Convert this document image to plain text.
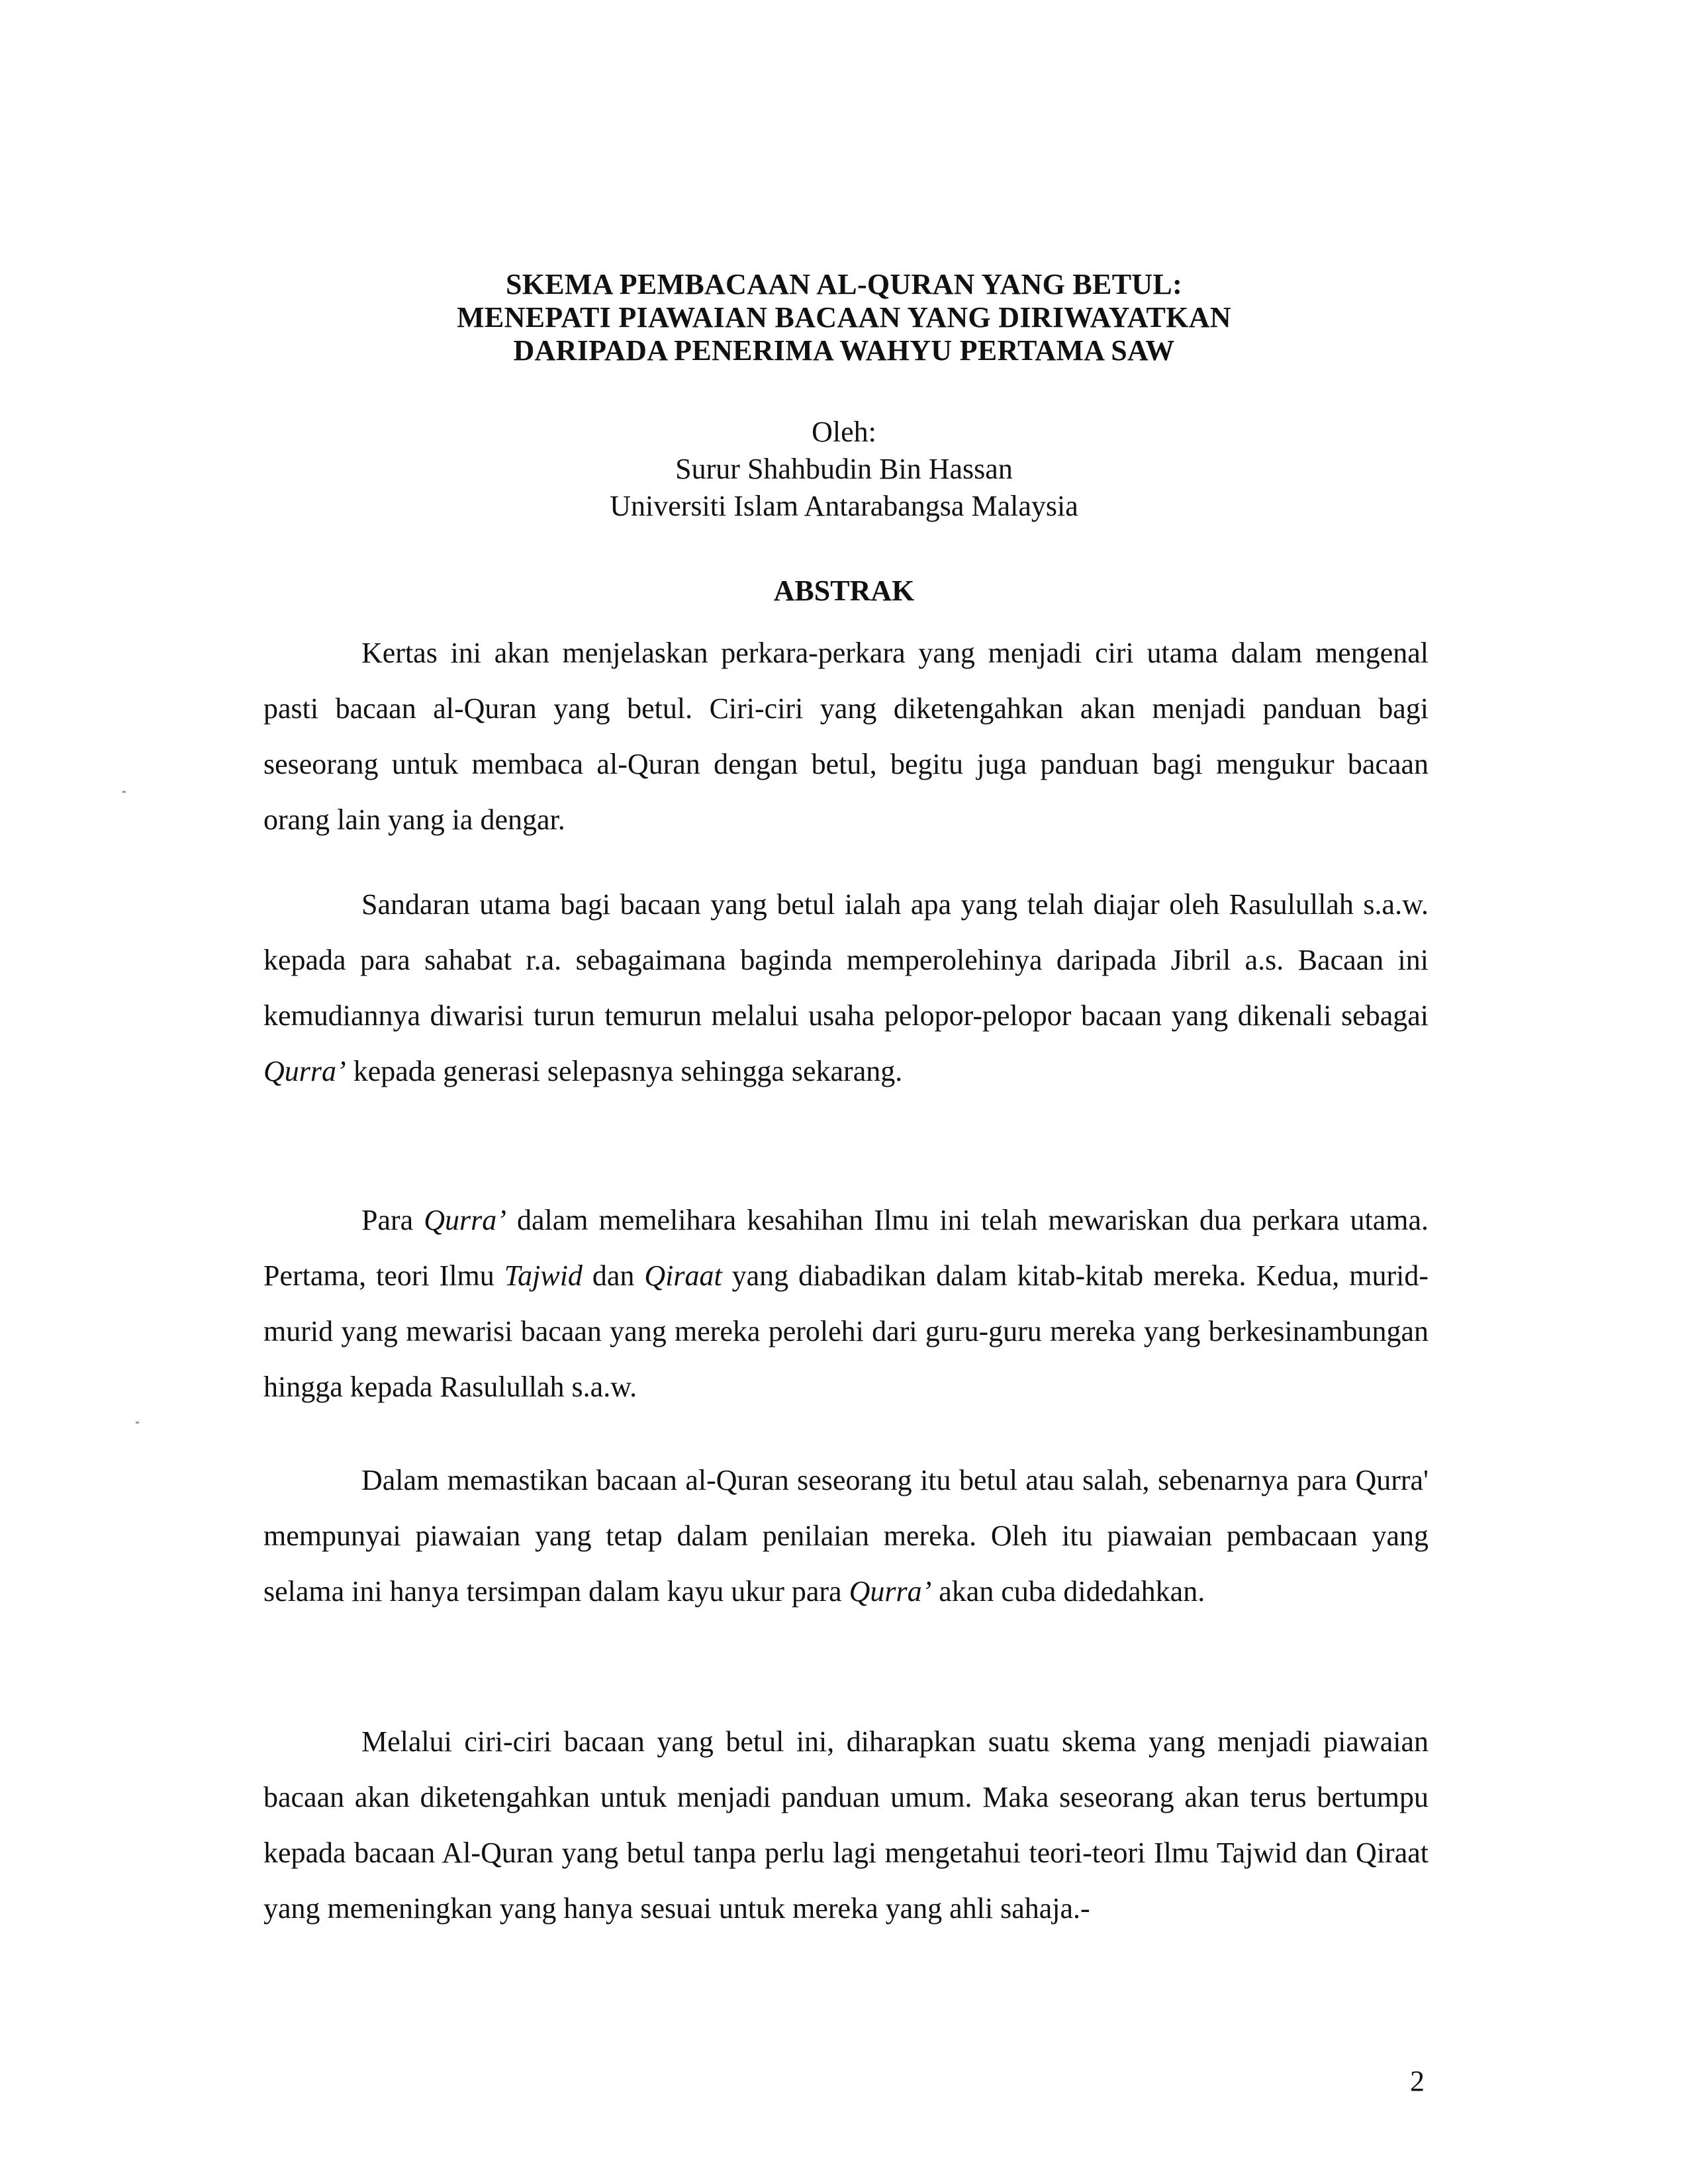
SKEMA PEMBACAAN AL-QURAN YANG BETUL:
MENEPATI PIAWAIAN BACAAN YANG DIRIWAYATKAN
DARIPADA PENERIMA WAHYU PERTAMA SAW
Oleh:
Surur Shahbudin Bin Hassan
Universiti Islam Antarabangsa Malaysia
ABSTRAK

Kertas ini akan menjelaskan perkara-perkara yang menjadi ciri utama dalam mengenal pasti bacaan al-Quran yang betul. Ciri-ciri yang diketengahkan akan menjadi panduan bagi seseorang untuk membaca al-Quran dengan betul, begitu juga panduan bagi mengukur bacaan orang lain yang ia dengar.

Sandaran utama bagi bacaan yang betul ialah apa yang telah diajar oleh Rasulullah s.a.w. kepada para sahabat r.a. sebagaimana baginda memperolehinya daripada Jibril a.s. Bacaan ini kemudiannya diwarisi turun temurun melalui usaha pelopor-pelopor bacaan yang dikenali sebagai Qurra’ kepada generasi selepasnya sehingga sekarang.

Para Qurra’ dalam memelihara kesahihan Ilmu ini telah mewariskan dua perkara utama. Pertama, teori Ilmu Tajwid dan Qiraat yang diabadikan dalam kitab-kitab mereka. Kedua, murid-murid yang mewarisi bacaan yang mereka perolehi dari guru-guru mereka yang berkesinambungan hingga kepada Rasulullah s.a.w.

Dalam memastikan bacaan al-Quran seseorang itu betul atau salah, sebenarnya para Qurra' mempunyai piawaian yang tetap dalam penilaian mereka. Oleh itu piawaian pembacaan yang selama ini hanya tersimpan dalam kayu ukur para Qurra’ akan cuba didedahkan.

Melalui ciri-ciri bacaan yang betul ini, diharapkan suatu skema yang menjadi piawaian bacaan akan diketengahkan untuk menjadi panduan umum. Maka seseorang akan terus bertumpu kepada bacaan Al-Quran yang betul tanpa perlu lagi mengetahui teori-teori Ilmu Tajwid dan Qiraat yang memeningkan yang hanya sesuai untuk mereka yang ahli sahaja.-

2
